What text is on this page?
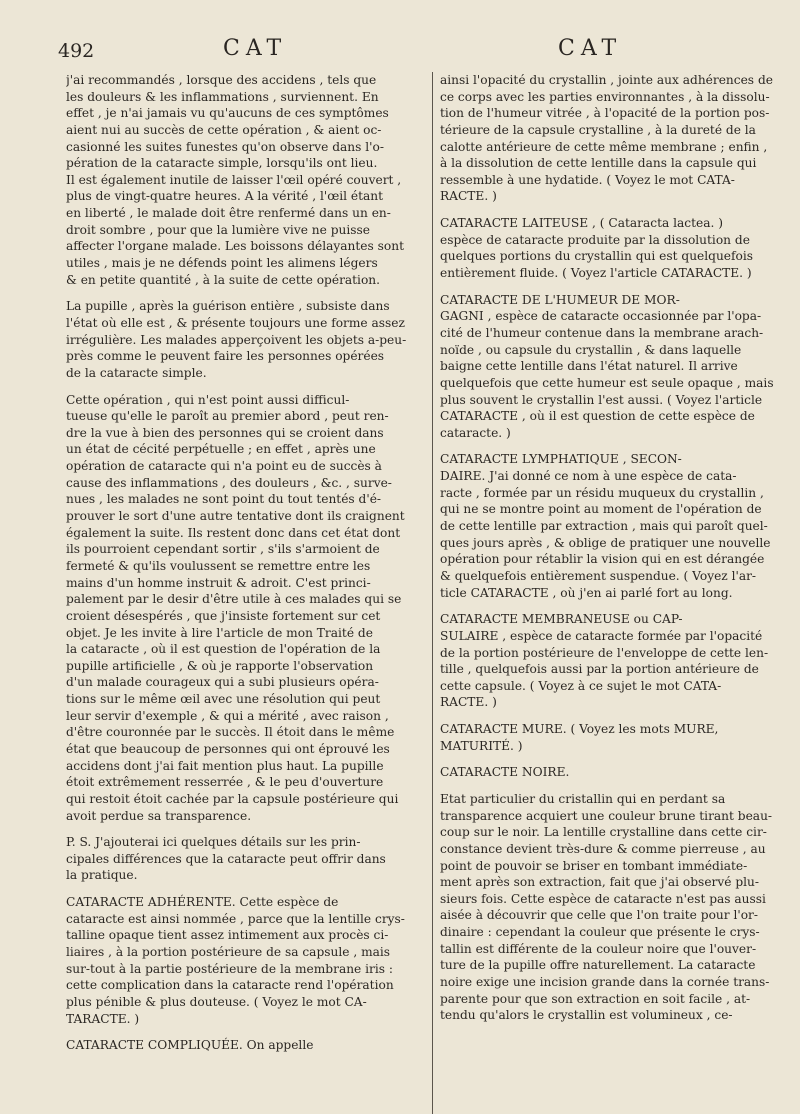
492	CAT	CAT
j'ai recommandés , lorsque des accidens , tels que
les douleurs & les inflammations , surviennent. En
effet , je n'ai jamais vu qu'aucuns de ces symptômes
aient nui au succès de cette opération , & aient oc-
casionné les suites funestes qu'on observe dans l'o-
pération de la cataracte simple, lorsqu'ils ont lieu.
Il est également inutile de laisser l'œil opéré couvert ,
plus de vingt-quatre heures. A la vérité , l'œil étant
en liberté , le malade doit être renfermé dans un en-
droit sombre , pour que la lumière vive ne puisse
affecter l'organe malade. Les boissons délayantes sont
utiles , mais je ne défends point les alimens légers
& en petite quantité , à la suite de cette opération.
La pupille , après la guérison entière , subsiste dans
l'état où elle est , & présente toujours une forme assez
irrégulière. Les malades apperçoivent les objets a-peu-
près comme le peuvent faire les personnes opérées
de la cataracte simple.
Cette opération , qui n'est point aussi difficul-
tueuse qu'elle le paroît au premier abord , peut ren-
dre la vue à bien des personnes qui se croient dans
un état de cécité perpétuelle ; en effet , après une
opération de cataracte qui n'a point eu de succès à
cause des inflammations , des douleurs , &c. , surve-
nues , les malades ne sont point du tout tentés d'é-
prouver le sort d'une autre tentative dont ils craignent
également la suite. Ils restent donc dans cet état dont
ils pourroient cependant sortir , s'ils s'armoient de
fermeté & qu'ils voulussent se remettre entre les
mains d'un homme instruit & adroit. C'est princi-
palement par le desir d'être utile à ces malades qui se
croient désespérés , que j'insiste fortement sur cet
objet. Je les invite à lire l'article de mon Traité de
la cataracte , où il est question de l'opération de la
pupille artificielle , & où je rapporte l'observation
d'un malade courageux qui a subi plusieurs opéra-
tions sur le même œil avec une résolution qui peut
leur servir d'exemple , & qui a mérité , avec raison ,
d'être couronnée par le succès. Il étoit dans le même
état que beaucoup de personnes qui ont éprouvé les
accidens dont j'ai fait mention plus haut. La pupille
étoit extrêmement resserrée , & le peu d'ouverture
qui restoit étoit cachée par la capsule postérieure qui
avoit perdue sa transparence.
P. S. J'ajouterai ici quelques détails sur les prin-
cipales différences que la cataracte peut offrir dans
la pratique.
CATARACTE ADHÉRENTE. Cette espèce de
cataracte est ainsi nommée , parce que la lentille crys-
talline opaque tient assez intimement aux procès ci-
liaires , à la portion postérieure de sa capsule , mais
sur-tout à la partie postérieure de la membrane iris :
cette complication dans la cataracte rend l'opération
plus pénible & plus douteuse. ( Voyez le mot CA-
TARACTE. )
CATARACTE COMPLIQUÉE. On appelle
ainsi l'opacité du crystallin , jointe aux adhérences de
ce corps avec les parties environnantes , à la dissolu-
tion de l'humeur vitrée , à l'opacité de la portion pos-
térieure de la capsule crystalline , à la dureté de la
calotte antérieure de cette même membrane ; enfin ,
à la dissolution de cette lentille dans la capsule qui
ressemble à une hydatide. ( Voyez le mot CATA-
RACTE. )
CATARACTE LAITEUSE , ( Cataracta lactea. )
espèce de cataracte produite par la dissolution de
quelques portions du crystallin qui est quelquefois
entièrement fluide. ( Voyez l'article CATARACTE. )
CATARACTE DE L'HUMEUR DE MOR-
GAGNI , espèce de cataracte occasionnée par l'opa-
cité de l'humeur contenue dans la membrane arach-
noïde , ou capsule du crystallin , & dans laquelle
baigne cette lentille dans l'état naturel. Il arrive
quelquefois que cette humeur est seule opaque , mais
plus souvent le crystallin l'est aussi. ( Voyez l'article
CATARACTE , où il est question de cette espèce de
cataracte. )
CATARACTE LYMPHATIQUE , SECON-
DAIRE. J'ai donné ce nom à une espèce de cata-
racte , formée par un résidu muqueux du crystallin ,
qui ne se montre point au moment de l'opération de
de cette lentille par extraction , mais qui paroît quel-
ques jours après , & oblige de pratiquer une nouvelle
opération pour rétablir la vision qui en est dérangée
& quelquefois entièrement suspendue. ( Voyez l'ar-
ticle CATARACTE , où j'en ai parlé fort au long.
CATARACTE MEMBRANEUSE ou CAP-
SULAIRE , espèce de cataracte formée par l'opacité
de la portion postérieure de l'enveloppe de cette len-
tille , quelquefois aussi par la portion antérieure de
cette capsule. ( Voyez à ce sujet le mot CATA-
RACTE. )
CATARACTE MURE. ( Voyez les mots MURE,
MATURITÉ. )
CATARACTE NOIRE.
Etat particulier du cristallin qui en perdant sa
transparence acquiert une couleur brune tirant beau-
coup sur le noir. La lentille crystalline dans cette cir-
constance devient très-dure & comme pierreuse , au
point de pouvoir se briser en tombant immédiate-
ment après son extraction, fait que j'ai observé plu-
sieurs fois. Cette espèce de cataracte n'est pas aussi
aisée à découvrir que celle que l'on traite pour l'or-
dinaire : cependant la couleur que présente le crys-
tallin est différente de la couleur noire que l'ouver-
ture de la pupille offre naturellement. La cataracte
noire exige une incision grande dans la cornée trans-
parente pour que son extraction en soit facile , at-
tendu qu'alors le crystallin est volumineux , ce-
